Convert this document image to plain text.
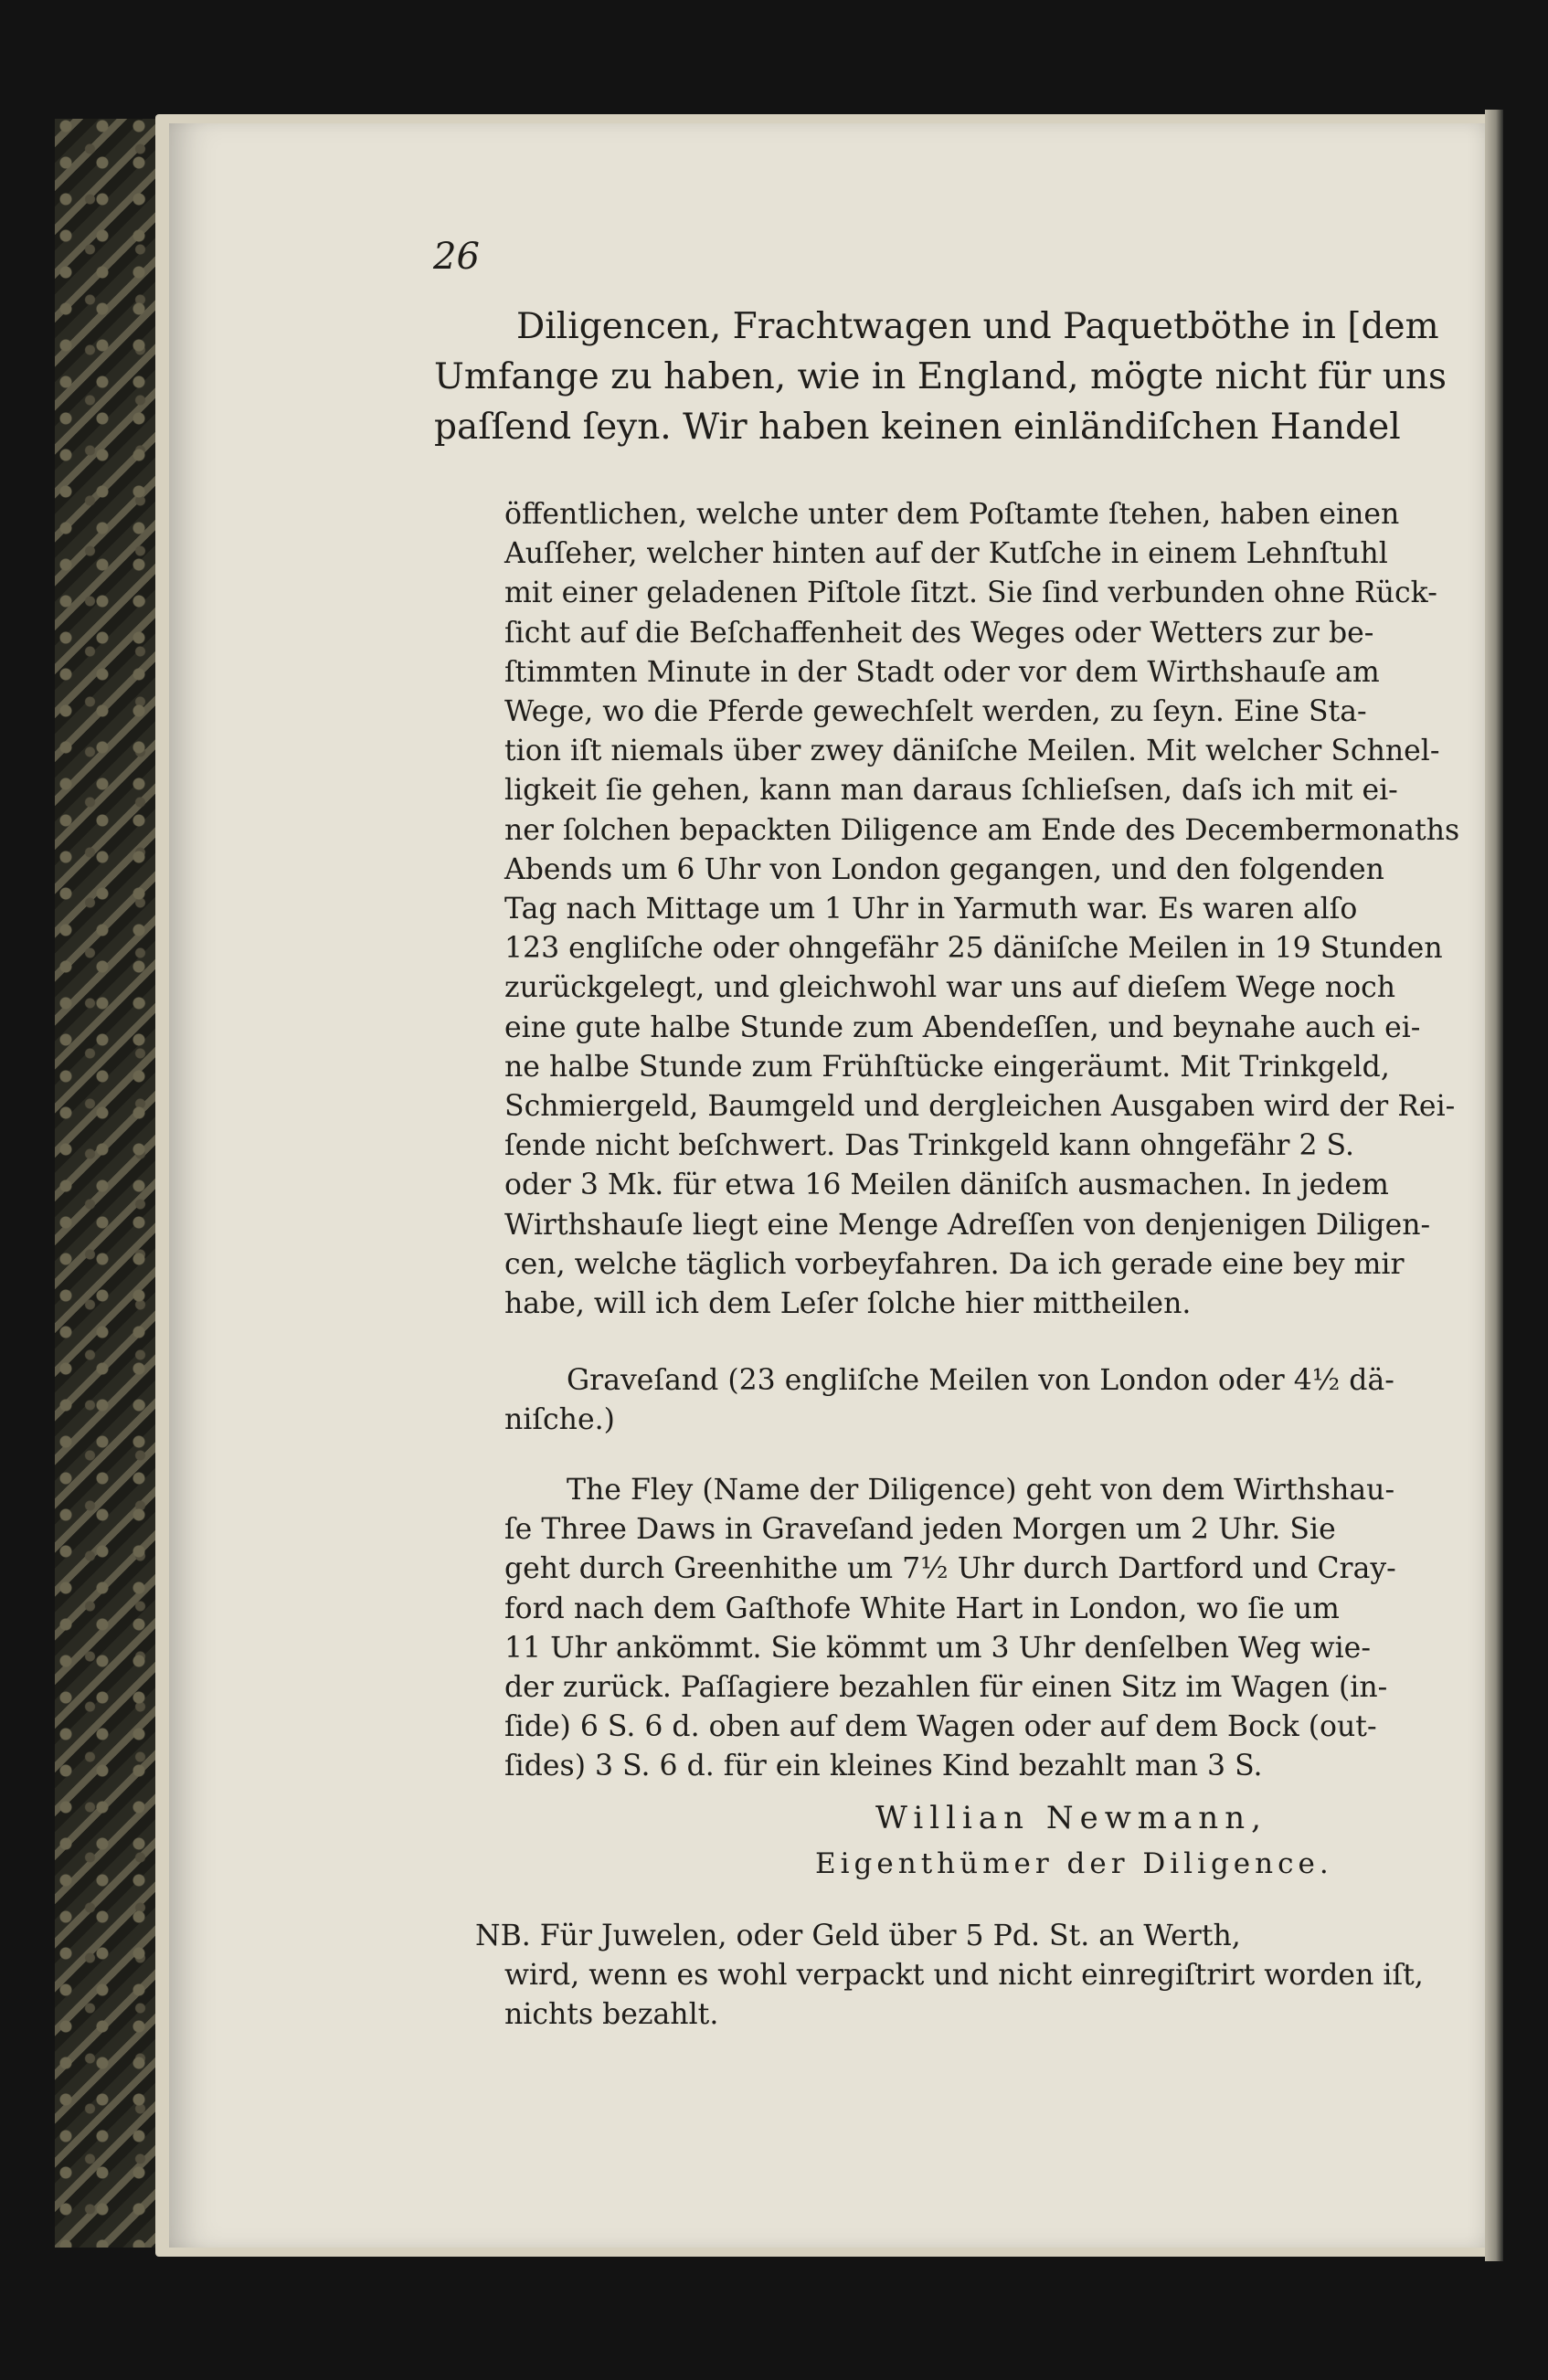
26
Diligencen, Frachtwagen und Paquetböthe in [dem
Umfange zu haben, wie in England, mögte nicht für uns
paſſend ſeyn. Wir haben keinen einländiſchen Handel
öffentlichen, welche unter dem Poſtamte ſtehen, haben einen
Auſſeher, welcher hinten auf der Kutſche in einem Lehnſtuhl
mit einer geladenen Piſtole ſitzt. Sie ſind verbunden ohne Rück-
ſicht auf die Beſchaffenheit des Weges oder Wetters zur be-
ſtimmten Minute in der Stadt oder vor dem Wirthshauſe am
Wege, wo die Pferde gewechſelt werden, zu ſeyn. Eine Sta-
tion iſt niemals über zwey däniſche Meilen. Mit welcher Schnel-
ligkeit ſie gehen, kann man daraus ſchlieſsen, daſs ich mit ei-
ner ſolchen bepackten Diligence am Ende des Decembermonaths
Abends um 6 Uhr von London gegangen, und den folgenden
Tag nach Mittage um 1 Uhr in Yarmuth war. Es waren alſo
123 engliſche oder ohngefähr 25 däniſche Meilen in 19 Stunden
zurückgelegt, und gleichwohl war uns auf dieſem Wege noch
eine gute halbe Stunde zum Abendeſſen, und beynahe auch ei-
ne halbe Stunde zum Frühſtücke eingeräumt. Mit Trinkgeld,
Schmiergeld, Baumgeld und dergleichen Ausgaben wird der Rei-
ſende nicht beſchwert. Das Trinkgeld kann ohngefähr 2 S.
oder 3 Mk. für etwa 16 Meilen däniſch ausmachen. In jedem
Wirthshauſe liegt eine Menge Adreſſen von denjenigen Diligen-
cen, welche täglich vorbeyfahren. Da ich gerade eine bey mir
habe, will ich dem Leſer ſolche hier mittheilen.
Graveſand (23 engliſche Meilen von London oder 4½ dä-
niſche.)
The Fley (Name der Diligence) geht von dem Wirthshau-
ſe Three Daws in Graveſand jeden Morgen um 2 Uhr. Sie
geht durch Greenhithe um 7½ Uhr durch Dartford und Cray-
ford nach dem Gaſthofe White Hart in London, wo ſie um
11 Uhr ankömmt. Sie kömmt um 3 Uhr denſelben Weg wie-
der zurück. Paſſagiere bezahlen für einen Sitz im Wagen (in-
ſide) 6 S. 6 d. oben auf dem Wagen oder auf dem Bock (out-
ſides) 3 S. 6 d. für ein kleines Kind bezahlt man 3 S.
Willian Newmann,
Eigenthümer der Diligence.
NB. Für Juwelen, oder Geld über 5 Pd. St. an Werth,
wird, wenn es wohl verpackt und nicht einregiſtrirt worden iſt,
nichts bezahlt.
